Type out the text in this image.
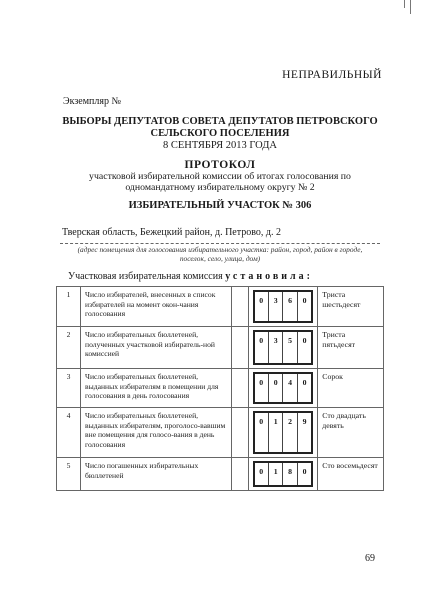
НЕПРАВИЛЬНЫЙ
Экземпляр №
ВЫБОРЫ ДЕПУТАТОВ СОВЕТА ДЕПУТАТОВ ПЕТРОВСКОГО СЕЛЬСКОГО ПОСЕЛЕНИЯ
8 СЕНТЯБРЯ 2013 ГОДА
ПРОТОКОЛ
участковой избирательной комиссии об итогах голосования по одномандатному избирательному округу № 2
ИЗБИРАТЕЛЬНЫЙ УЧАСТОК № 306
Тверская область, Бежецкий район, д. Петрово, д. 2
(адрес помещения для голосования избирательного участка: район, город, район в городе, поселок, село, улица, дом)
Участковая избирательная комиссия установила:
1	Число избирателей, внесенных в список избирателей на момент окон-чания голосования		0 3 6 0	Триста шестьдесят
2	Число избирательных бюллетеней, полученных участковой избиратель-ной комиссией		0 3 5 0	Триста пятьдесят
3	Число избирательных бюллетеней, выданных избирателям в помещении для голосования в день голосования		0 0 4 0	Сорок
4	Число избирательных бюллетеней, выданных избирателям, проголосо-вавшим вне помещения для голосо-вания в день голосования		0 1 2 9	Сто двадцать девять
5	Число погашенных избирательных бюллетеней		0 1 8 0	Сто восемьдесят
69
